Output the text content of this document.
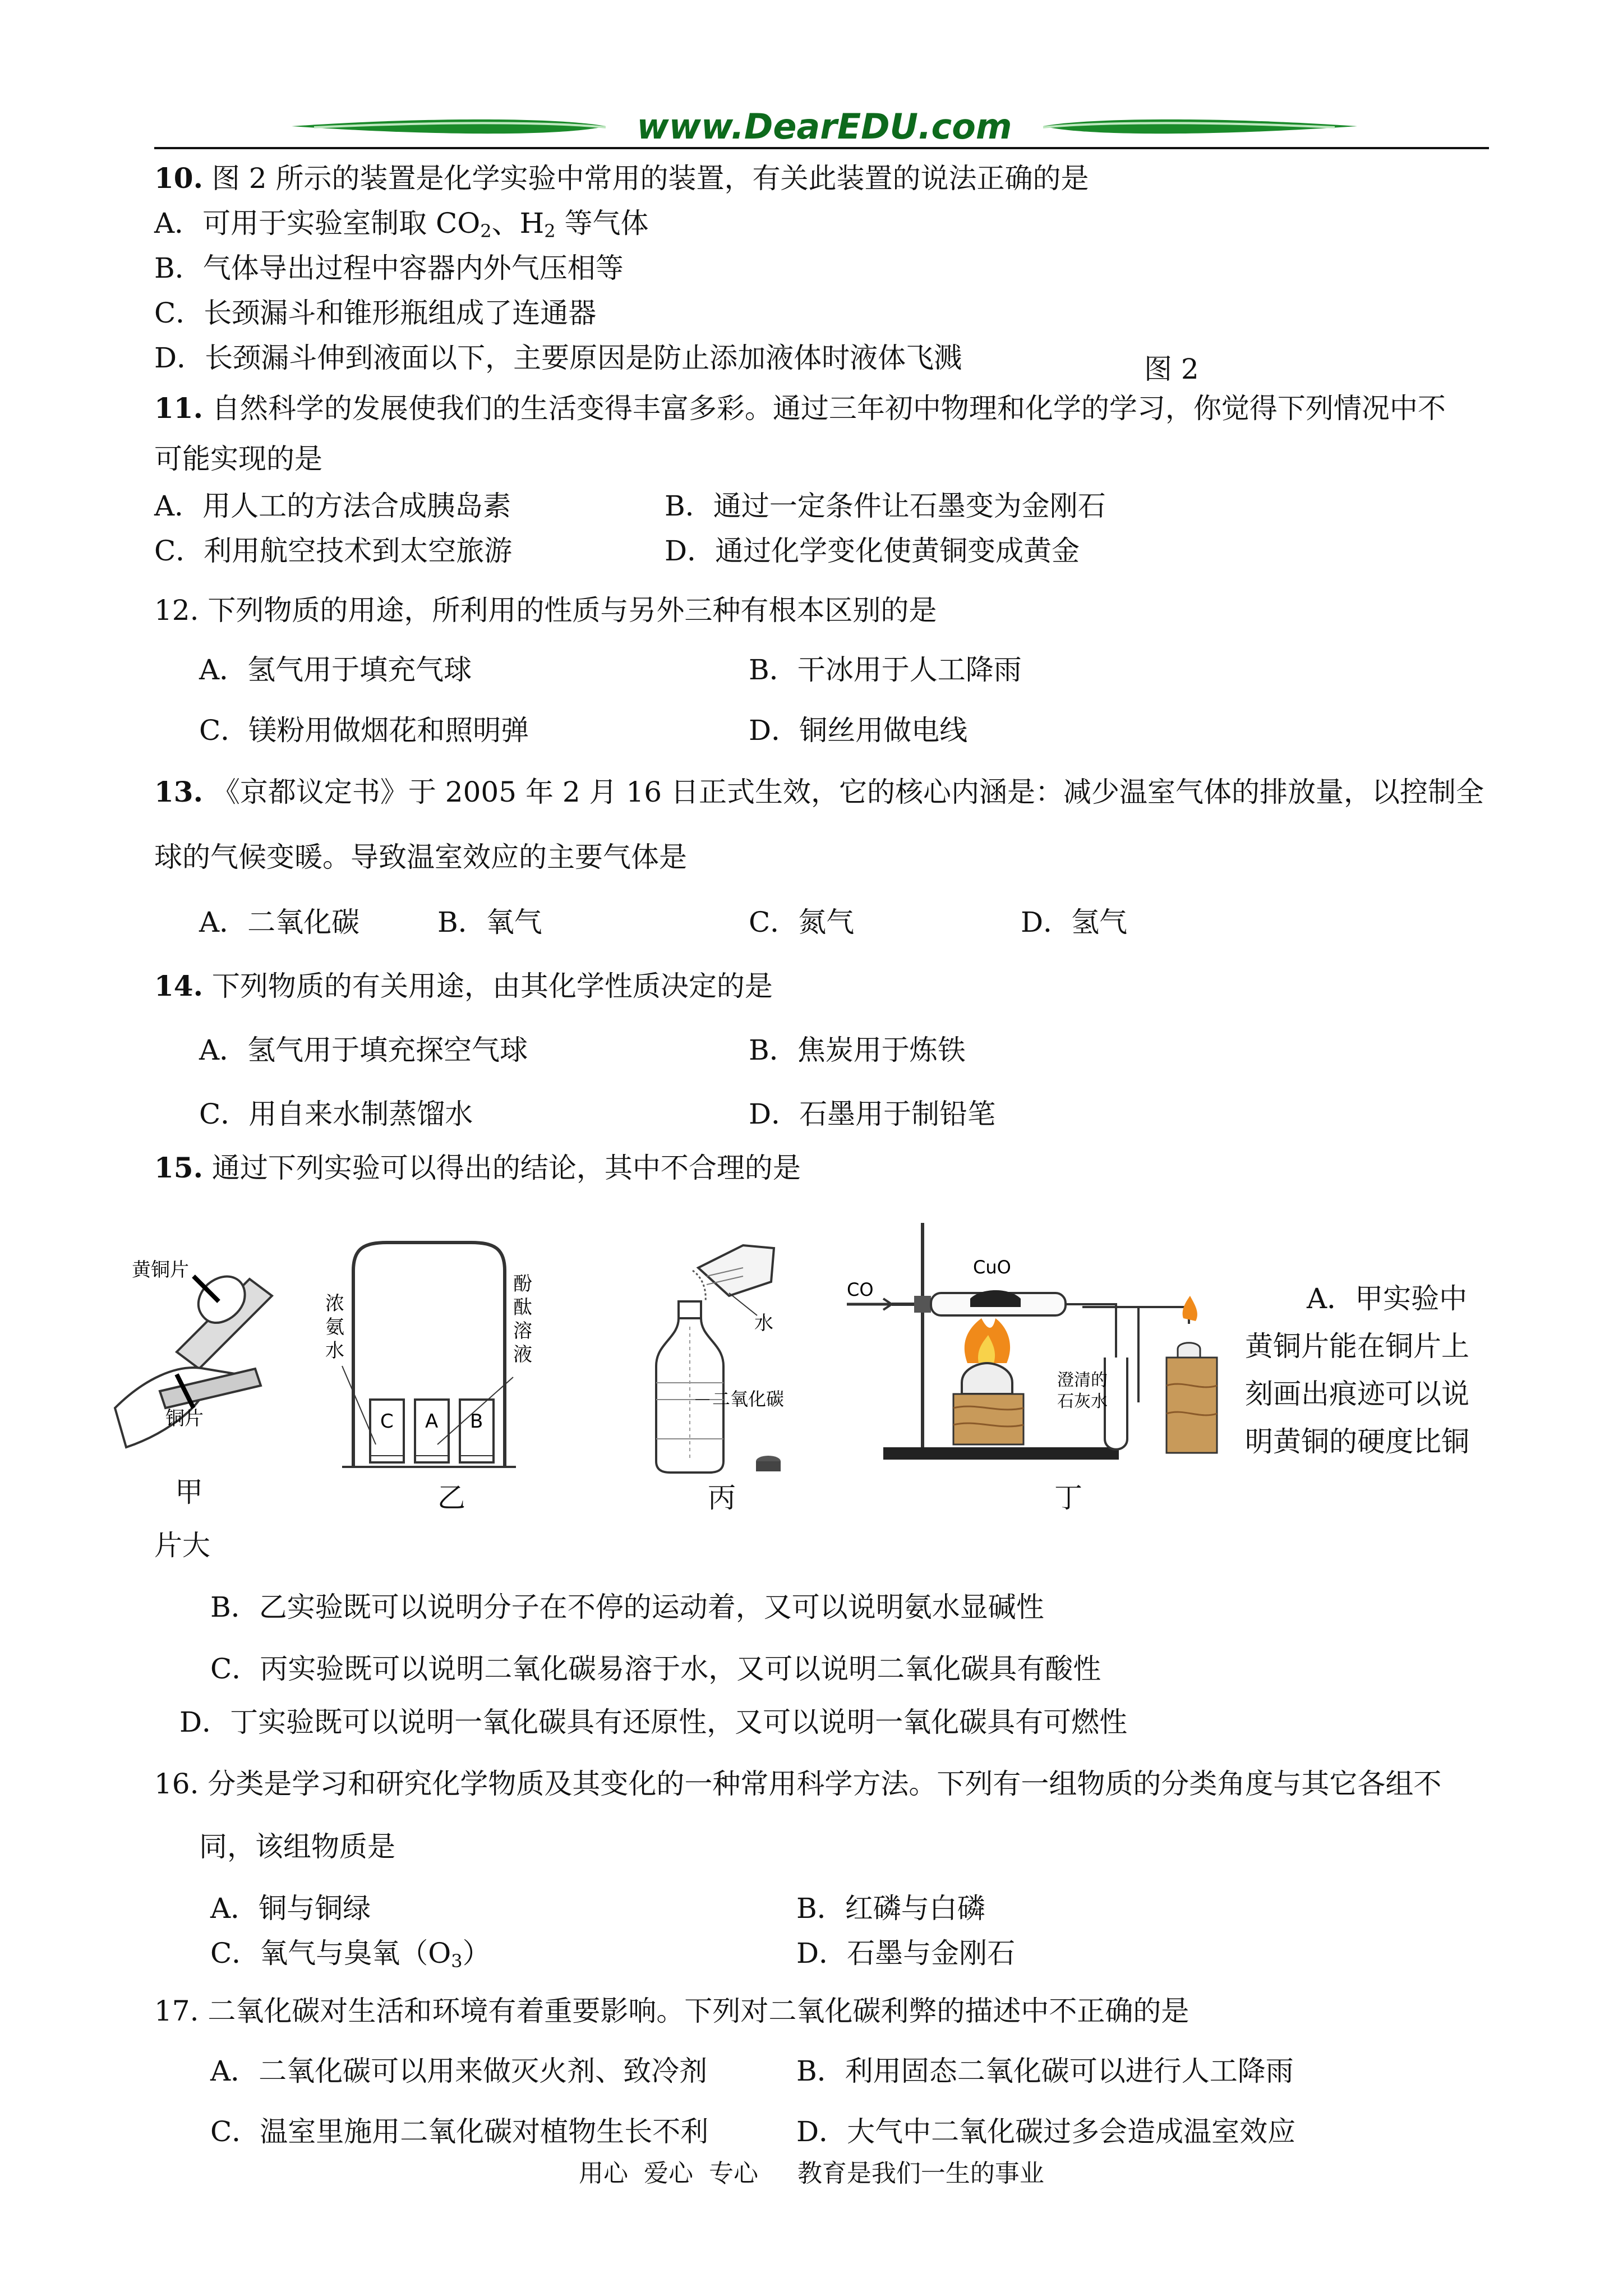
www.DearEDU.com
10. 图 2 所示的装置是化学实验中常用的装置，有关此装置的说法正确的是
A．可用于实验室制取 $CO_2$、$H_2$ 等气体
B．气体导出过程中容器内外气压相等
C．长颈漏斗和锥形瓶组成了连通器
D．长颈漏斗伸到液面以下，主要原因是防止添加液体时液体飞溅	图 2
11. 自然科学的发展使我们的生活变得丰富多彩。通过三年初中物理和化学的学习，你觉得下列情况中不
可能实现的是
A．用人工的方法合成胰岛素	B．通过一定条件让石墨变为金刚石
C．利用航空技术到太空旅游	D．通过化学变化使黄铜变成黄金
12. 下列物质的用途，所利用的性质与另外三种有根本区别的是
A．氢气用于填充气球	B．干冰用于人工降雨
C．镁粉用做烟花和照明弹	D．铜丝用做电线
13. 《京都议定书》于 2005 年 2 月 16 日正式生效，它的核心内涵是：减少温室气体的排放量，以控制全
球的气候变暖。导致温室效应的主要气体是
A．二氧化碳	B．氧气	C．氮气	D．氢气
14. 下列物质的有关用途，由其化学性质决定的是
A．氢气用于填充探空气球	B．焦炭用于炼铁
C．用自来水制蒸馏水	D．石墨用于制铅笔
15. 通过下列实验可以得出的结论，其中不合理的是
黄铜片
铜片
甲
C A B
浓氨水
酚酞溶液
乙
水
二氧化碳
丙
CO
CuO
澄清的石灰水
丁
A．甲实验中
黄铜片能在铜片上
刻画出痕迹可以说
明黄铜的硬度比铜
片大
B．乙实验既可以说明分子在不停的运动着，又可以说明氨水显碱性
C．丙实验既可以说明二氧化碳易溶于水，又可以说明二氧化碳具有酸性
D．丁实验既可以说明一氧化碳具有还原性，又可以说明一氧化碳具有可燃性
16. 分类是学习和研究化学物质及其变化的一种常用科学方法。下列有一组物质的分类角度与其它各组不
同，该组物质是
A．铜与铜绿	B．红磷与白磷
C．氧气与臭氧$(O_3)$	D．石墨与金刚石
17. 二氧化碳对生活和环境有着重要影响。下列对二氧化碳利弊的描述中不正确的是
A．二氧化碳可以用来做灭火剂、致冷剂	B．利用固态二氧化碳可以进行人工降雨
C．温室里施用二氧化碳对植物生长不利	D．大气中二氧化碳过多会造成温室效应
用心  爱心  专心     教育是我们一生的事业
